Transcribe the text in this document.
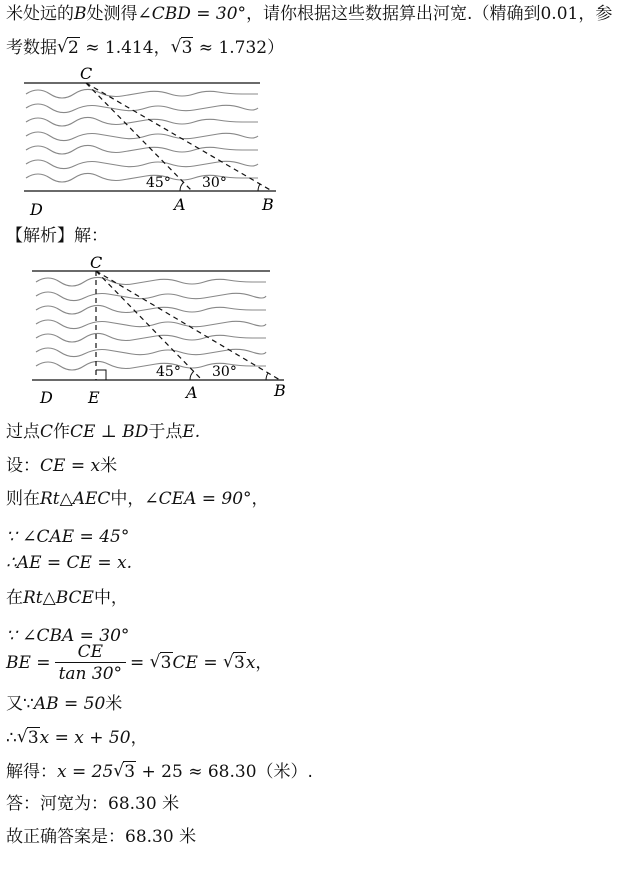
米处远的B处测得∠CBD = 30°，请你根据这些数据算出河宽.（精确到0.01，参
考数据 √ 2 ≈ 1.414， √ 3 ≈ 1.732）
C
D	A	B
45° 30°
【解析】解：
C
D E	A	B
45° 30°
过点C作CE ⊥ BD于点E.
设：CE = x米
则在Rt△AEC中，∠CEA = 90°，
∵ ∠CAE = 45°
∴AE = CE = x.
在Rt△BCE中，
∵ ∠CBA = 30°
BE = $\frac{CE}{\tan 30^\circ}$ = √ 3CE = √ 3x，
又∵AB = 50米
∴ √ 3x = x + 50，
解得：x = 25 √ 3 + 25 ≈ 68.30（米）.
答：河宽为：68.30 米
故正确答案是：68.30 米
